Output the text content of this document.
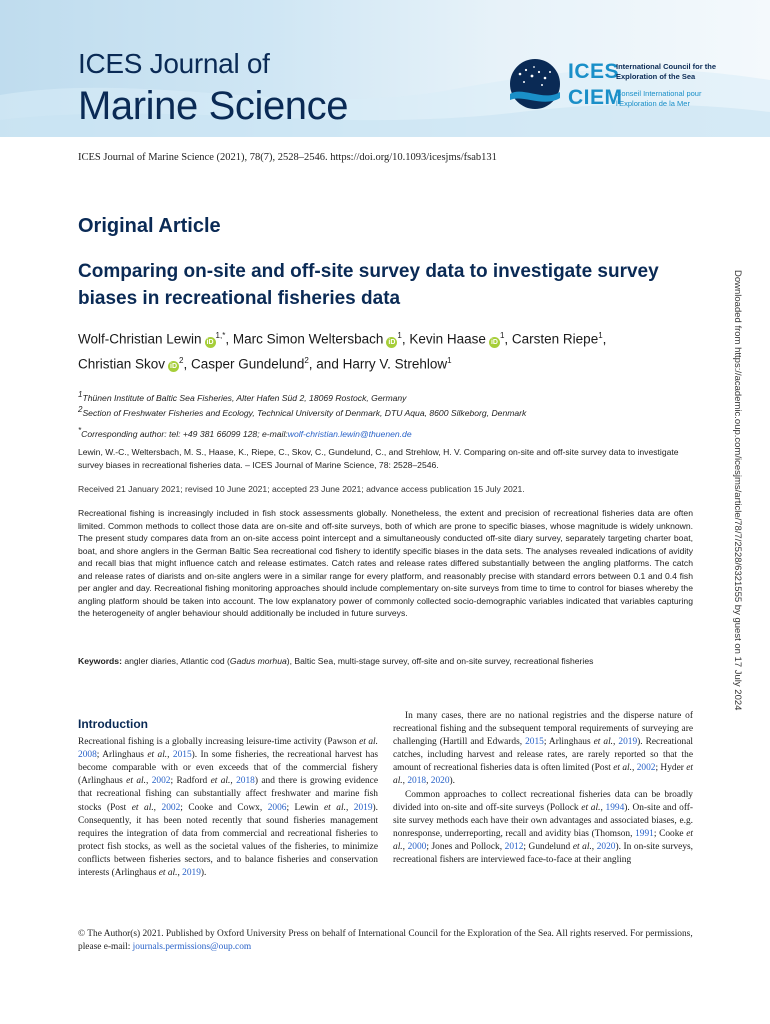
ICES Journal of
Marine Science
ICES
CIEM
International Council for the Exploration of the Sea
Conseil International pour l'Exploration de la Mer
ICES Journal of Marine Science (2021), 78(7), 2528–2546. https://doi.org/10.1093/icesjms/fsab131
Original Article
Comparing on-site and off-site survey data to investigate survey biases in recreational fisheries data
Wolf-Christian Lewin $iD^{1,*}$, Marc Simon Weltersbach $iD^1$, Kevin Haase $iD^1$, Carsten Riepe$^1$,
Christian Skov $iD^2$, Casper Gundelund$^2$, and Harry V. Strehlow$^1$
$^1$Thünen Institute of Baltic Sea Fisheries, Alter Hafen Süd 2, 18069 Rostock, Germany
$^2$Section of Freshwater Fisheries and Ecology, Technical University of Denmark, DTU Aqua, 8600 Silkeborg, Denmark
*Corresponding author: tel: +49 381 66099 128; e-mail:wolf-christian.lewin@thuenen.de
Lewin, W.-C., Weltersbach, M. S., Haase, K., Riepe, C., Skov, C., Gundelund, C., and Strehlow, H. V. Comparing on-site and off-site survey data to investigate survey biases in recreational fisheries data. – ICES Journal of Marine Science, 78: 2528–2546.
Received 21 January 2021; revised 10 June 2021; accepted 23 June 2021; advance access publication 15 July 2021.

Recreational fishing is increasingly included in fish stock assessments globally. Nonetheless, the extent and precision of recreational fisheries data are often limited. Common methods to collect those data are on-site and off-site surveys, both of which are prone to specific biases, whose magnitude is widely unknown. The present study compares data from an on-site access point intercept and a simultaneously conducted off-site diary survey, separately targeting charter boat, boat, and shore anglers in the German Baltic Sea recreational cod fishery to identify specific biases in the data sets. The analyses revealed indications of avidity and recall bias that might influence catch and release estimates. Catch rates and release rates differed substantially between the angling platforms. The catch and release rates of diarists and on-site anglers were in a similar range for every platform, and reasonably precise with standard errors between 0.1 and 0.4 fish per angler and day. Recreational fishing monitoring approaches should include complementary on-site surveys from time to time to control for biases whereby the angling platform should be taken into account. The low explanatory power of commonly collected socio-demographic variables indicated that variables capturing the heterogeneity of angler behaviour should additionally be included in future surveys.

Keywords: angler diaries, Atlantic cod (Gadus morhua), Baltic Sea, multi-stage survey, off-site and on-site survey, recreational fisheries
Introduction

Recreational fishing is a globally increasing leisure-time activity (Pawson et al. 2008; Arlinghaus et al., 2015). In some fisheries, the recreational harvest has become comparable with or even exceeds that of the commercial fishery (Arlinghaus et al., 2002; Radford et al., 2018) and there is growing evidence that recreational fishing can substantially affect freshwater and marine fish stocks (Post et al., 2002; Cooke and Cowx, 2006; Lewin et al., 2019). Consequently, it has been noted recently that sound fisheries management requires the integration of data from commercial and recreational fisheries to protect fish stocks, as well as the societal values of the fisheries, to minimize conflicts between fisheries sectors, and to balance fisheries and conservation interests (Arlinghaus et al., 2019).

In many cases, there are no national registries and the disperse nature of recreational fishing and the subsequent temporal requirements of surveying are challenging (Hartill and Edwards, 2015; Arlinghaus et al., 2019). Recreational catches, including harvest and release rates, are rarely reported so that the amount of recreational fisheries data is often limited (Post et al., 2002; Hyder et al., 2018, 2020).

Common approaches to collect recreational fisheries data can be broadly divided into on-site and off-site surveys (Pollock et al., 1994). On-site and off-site survey methods each have their own advantages and associated biases, e.g. nonresponse, underreporting, recall and avidity bias (Thomson, 1991; Cooke et al., 2000; Jones and Pollock, 2012; Gundelund et al., 2020). In on-site surveys, recreational fishers are interviewed face-to-face at their angling

© The Author(s) 2021. Published by Oxford University Press on behalf of International Council for the Exploration of the Sea. All rights reserved. For permissions, please e-mail: journals.permissions@oup.com
Downloaded from https://academic.oup.com/icesjms/article/78/7/2528/6321555 by guest on 17 July 2024
